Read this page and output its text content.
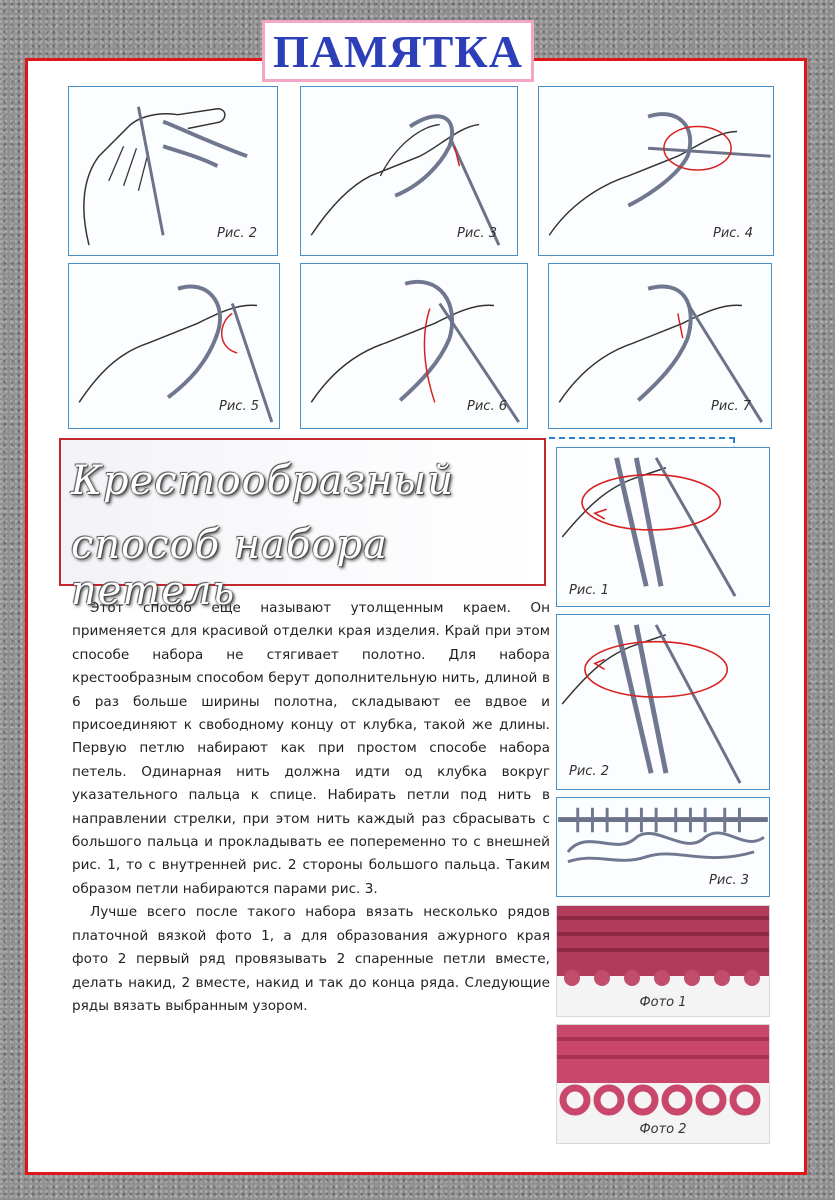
ПАМЯТКА
Рис. 2	Рис. 3	Рис. 4
Рис. 5	Рис. 6	Рис. 7
Крестообразный
способ набора петель

Этот способ еще называют утолщенным краем. Он применяется для красивой отделки края изделия. Край при этом способе набора не стягивает полотно. Для набора крестообразным способом берут дополнительную нить, длиной в 6 раз больше ширины полотна, складывают ее вдвое и присоединяют к свободному концу от клубка, такой же длины. Первую петлю набирают как при простом способе набора петель. Одинарная нить должна идти од клубка вокруг указательного пальца к спице. Набирать петли под нить в направлении стрелки, при этом нить каждый раз сбрасывать с большого пальца и прокладывать ее попеременно то с внешней рис. 1, то с внутренней рис. 2 стороны большого пальца. Таким образом петли набираются парами рис. 3.

Лучше всего после такого набора вязать несколько рядов платочной вязкой фото 1, а для образования ажурного края фото 2 первый ряд провязывать 2 спаренные петли вместе, делать накид, 2 вместе, накид и так до конца ряда. Следующие ряды вязать выбранным узором.

Рис. 1
Рис. 2
Рис. 3
Фото 1
Фото 2
